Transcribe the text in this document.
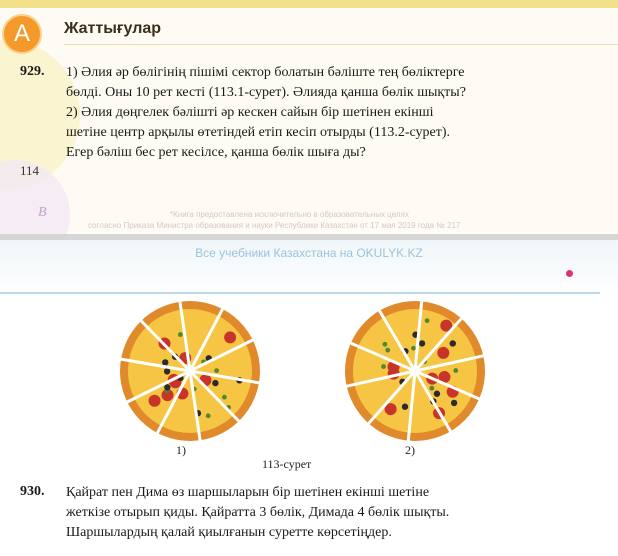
A	Жаттығулар
929. 1) Әлия әр бөлігінің пішімі сектор болатын бәліште тең бөліктерге
бөлді. Оны 10 рет кесті (113.1-сурет). Әлияда қанша бөлік шықты?
2) Әлия дөңгелек бәліштi әр кескен сайын бір шетінен екінші
шетіне центр арқылы өтетіндей етіп кесіп отырды (113.2-сурет).
Егер бәліш бес рет кесілсе, қанша бөлік шыға ды?
114
В	*Книга предоставлена исключительно в образовательных целях
согласно Приказа Министра образования и науки Республики Казахстан от 17 мая 2019 года № 217
Все учебники Казахстана на OKULYK.KZ
1)	2)
113-сурет
930. Қайрат пен Дима өз шаршыларын бір шетінен екінші шетіне
жеткізе отырып қиды. Қайратта 3 бөлік, Димада 4 бөлік шықты.
Шаршылардың қалай қиылғанын суретте көрсетіңдер.
